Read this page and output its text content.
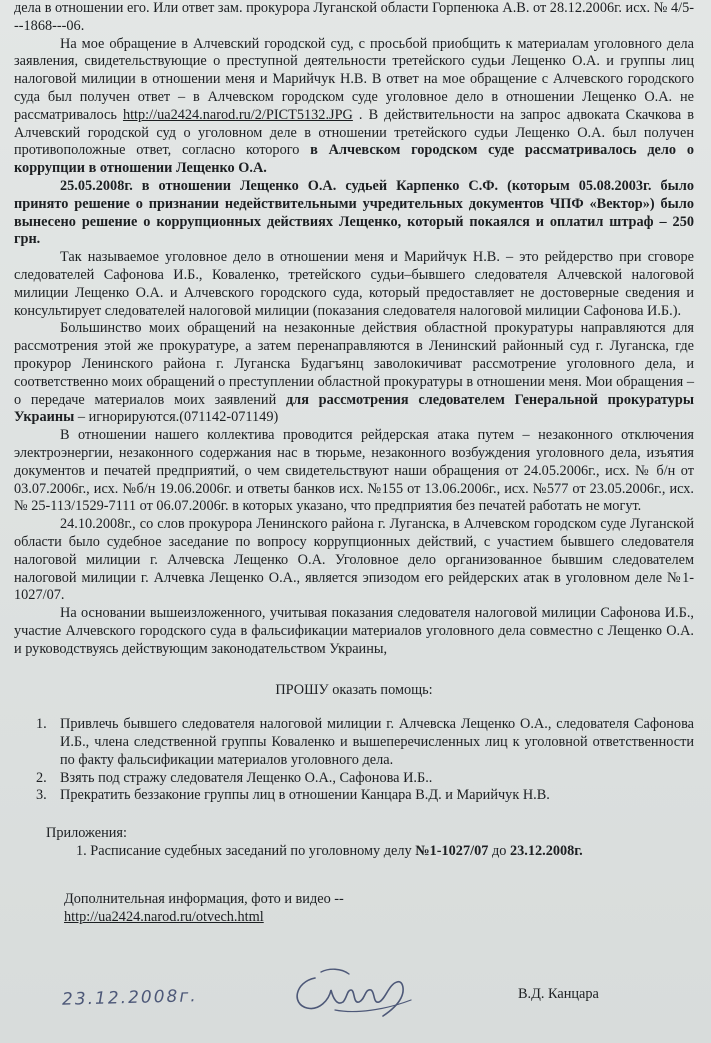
дела в отношении его. Или ответ зам. прокурора Луганской области Горпенюка А.В. от 28.12.2006г. исх. № 4/5---1868---06.

На мое обращение в Алчевский городской суд, с просьбой приобщить к материалам уголовного дела заявления, свидетельствующие о преступной деятельности третейского судьи Лещенко О.А. и группы лиц налоговой милиции в отношении меня и Марийчук Н.В. В ответ на мое обращение с Алчевского городского суда был получен ответ – в Алчевском городском суде уголовное дело в отношении Лещенко О.А. не рассматривалось http://ua2424.narod.ru/2/PICT5132.JPG . В действительности на запрос адвоката Скачкова в Алчевский городской суд о уголовном деле в отношении третейского судьи Лещенко О.А. был получен противоположные ответ, согласно которого в Алчевском городском суде рассматривалось дело о коррупции в отношении Лещенко О.А.

25.05.2008г. в отношении Лещенко О.А. судьей Карпенко С.Ф. (которым 05.08.2003г. было принято решение о признании недействительными учредительных документов ЧПФ «Вектор») было вынесено решение о коррупционных действиях Лещенко, который покаялся и оплатил штраф – 250 грн.

Так называемое уголовное дело в отношении меня и Марийчук Н.В. – это рейдерство при сговоре следователей Сафонова И.Б., Коваленко, третейского судьи–бывшего следователя Алчевской налоговой милиции Лещенко О.А. и Алчевского городского суда, который предоставляет не достоверные сведения и консультирует следователей налоговой милиции (показания следователя налоговой милиции Сафонова И.Б.).

Большинство моих обращений на незаконные действия областной прокуратуры направляются для рассмотрения этой же прокуратуре, а затем перенаправляются в Ленинский районный суд г. Луганска, где прокурор Ленинского района г. Луганска Будагъянц заволокичиват рассмотрение уголовного дела, и соответственно моих обращений о преступлении областной прокуратуры в отношении меня. Мои обращения – о передаче материалов моих заявлений для рассмотрения следователем Генеральной прокуратуры Украины – игнорируются.(071142-071149)

В отношении нашего коллектива проводится рейдерская атака путем – незаконного отключения электроэнергии, незаконного содержания нас в тюрьме, незаконного возбуждения уголовного дела, изъятия документов и печатей предприятий, о чем свидетельствуют наши обращения от 24.05.2006г., исх. № б/н от 03.07.2006г., исх. №б/н 19.06.2006г. и ответы банков исх. №155 от 13.06.2006г., исх. №577 от 23.05.2006г., исх. № 25-113/1529-7111 от 06.07.2006г. в которых указано, что предприятия без печатей работать не могут.

24.10.2008г., со слов прокурора Ленинского района г. Луганска, в Алчевском городском суде Луганской области было судебное заседание по вопросу коррупционных действий, с участием бывшего следователя налоговой милиции г. Алчевска Лещенко О.А. Уголовное дело организованное бывшим следователем налоговой милиции г. Алчевка Лещенко О.А., является эпизодом его рейдерских атак в уголовном деле №1-1027/07.

На основании вышеизложенного, учитывая показания следователя налоговой милиции Сафонова И.Б., участие Алчевского городского суда в фальсификации материалов уголовного дела совместно с Лещенко О.А. и руководствуясь действующим законодательством Украины,

ПРОШУ оказать помощь:

1. Привлечь бывшего следователя налоговой милиции г. Алчевска Лещенко О.А., следователя Сафонова И.Б., члена следственной группы Коваленко и вышеперечисленных лиц к уголовной ответственности по факту фальсификации материалов уголовного дела.
2. Взять под стражу следователя Лещенко О.А., Сафонова И.Б..
3. Прекратить беззаконие группы лиц в отношении Канцара В.Д. и Марийчук Н.В.

Приложения:

1. Расписание судебных заседаний по уголовному делу №1-1027/07 до 23.12.2008г.

Дополнительная информация, фото и видео --

http://ua2424.narod.ru/otvech.html

23.12.2008г.	В.Д. Канцара
